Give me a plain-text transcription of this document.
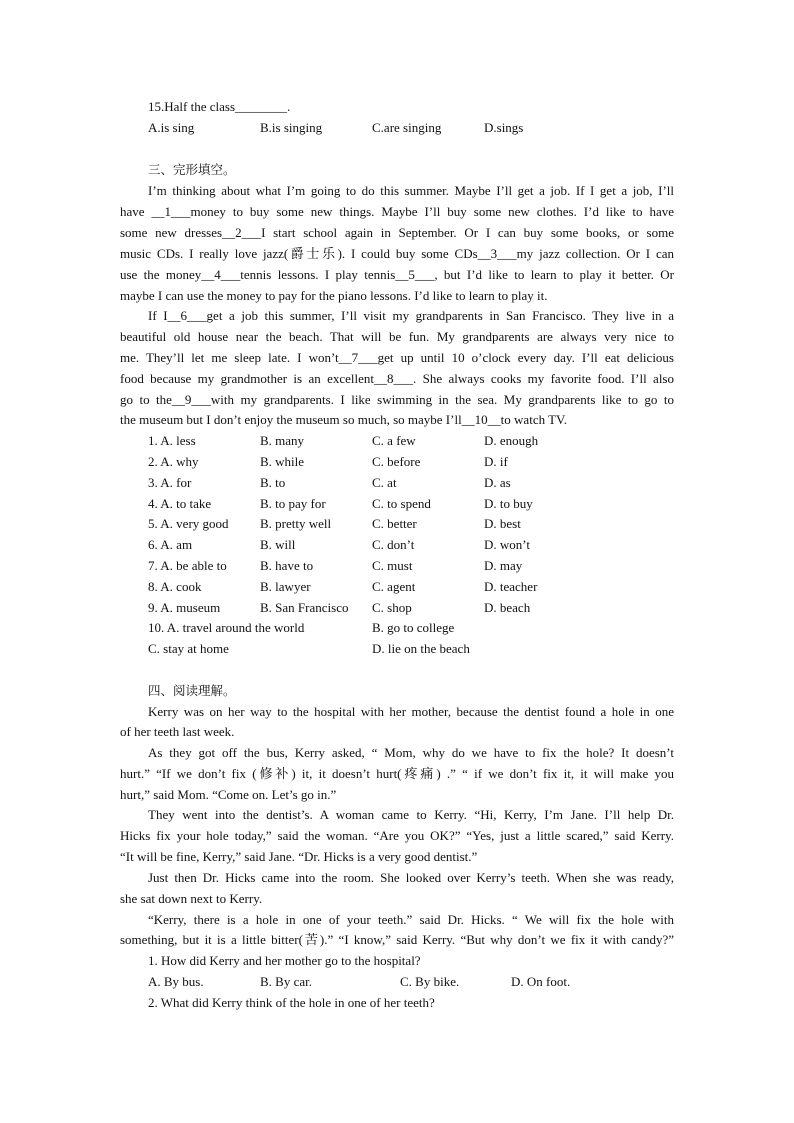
15.Half the class________.
A.is sing	B.is singing	C.are singing	D.sings
三、完形填空。
I’m thinking about what I’m going to do this summer. Maybe I’ll get a job. If I get a job, I’ll
have __1___money to buy some new things. Maybe I’ll buy some new clothes. I’d like to have
some new dresses__2___I start school again in September. Or I can buy some books, or some
music CDs. I really love jazz(爵士乐). I could buy some CDs__3___my jazz collection. Or I can
use the money__4___tennis lessons. I play tennis__5___, but I’d like to learn to play it better. Or
maybe I can use the money to pay for the piano lessons. I’d like to learn to play it.
If I__6___get a job this summer, I’ll visit my grandparents in San Francisco. They live in a
beautiful old house near the beach. That will be fun. My grandparents are always very nice to
me. They’ll let me sleep late. I won’t__7___get up until 10 o’clock every day. I’ll eat delicious
food because my grandmother is an excellent__8___. She always cooks my favorite food. I’ll also
go to the__9___with my grandparents. I like swimming in the sea. My grandparents like to go to
the museum but I don’t enjoy the museum so much, so maybe I’ll__10__to watch TV.
1. A. less	B. many	C. a few	D. enough
2. A. why	B. while	C. before	D. if
3. A. for	B. to	C. at	D. as
4. A. to take	B. to pay for	C. to spend	D. to buy
5. A. very good B. pretty well	C. better	D. best
6. A. am	B. will	C. don’t	D. won’t
7. A. be able to	B. have to	C. must	D. may
8. A. cook	B. lawyer	C. agent	D. teacher
9. A. museum	B. San Francisco C. shop	D. beach
10. A. travel around the world	B. go to college
C. stay at home	D. lie on the beach
四、阅读理解。
Kerry was on her way to the hospital with her mother, because the dentist found a hole in one
of her teeth last week.
As they got off the bus, Kerry asked, “ Mom, why do we have to fix the hole? It doesn’t
hurt.” “If we don’t fix (修补) it, it doesn’t hurt(疼痛) .” “ if we don’t fix it, it will make you
hurt,” said Mom. “Come on. Let’s go in.”
They went into the dentist’s. A woman came to Kerry. “Hi, Kerry, I’m Jane. I’ll help Dr.
Hicks fix your hole today,” said the woman. “Are you OK?” “Yes, just a little scared,” said Kerry.
“It will be fine, Kerry,” said Jane. “Dr. Hicks is a very good dentist.”
Just then Dr. Hicks came into the room. She looked over Kerry’s teeth. When she was ready,
she sat down next to Kerry.
“Kerry, there is a hole in one of your teeth.” said Dr. Hicks. “ We will fix the hole with
something, but it is a little bitter(苦).” “I know,” said Kerry. “But why don’t we fix it with candy?”
1. How did Kerry and her mother go to the hospital?
A. By bus.	B. By car.	C. By bike.	D. On foot.
2. What did Kerry think of the hole in one of her teeth?
